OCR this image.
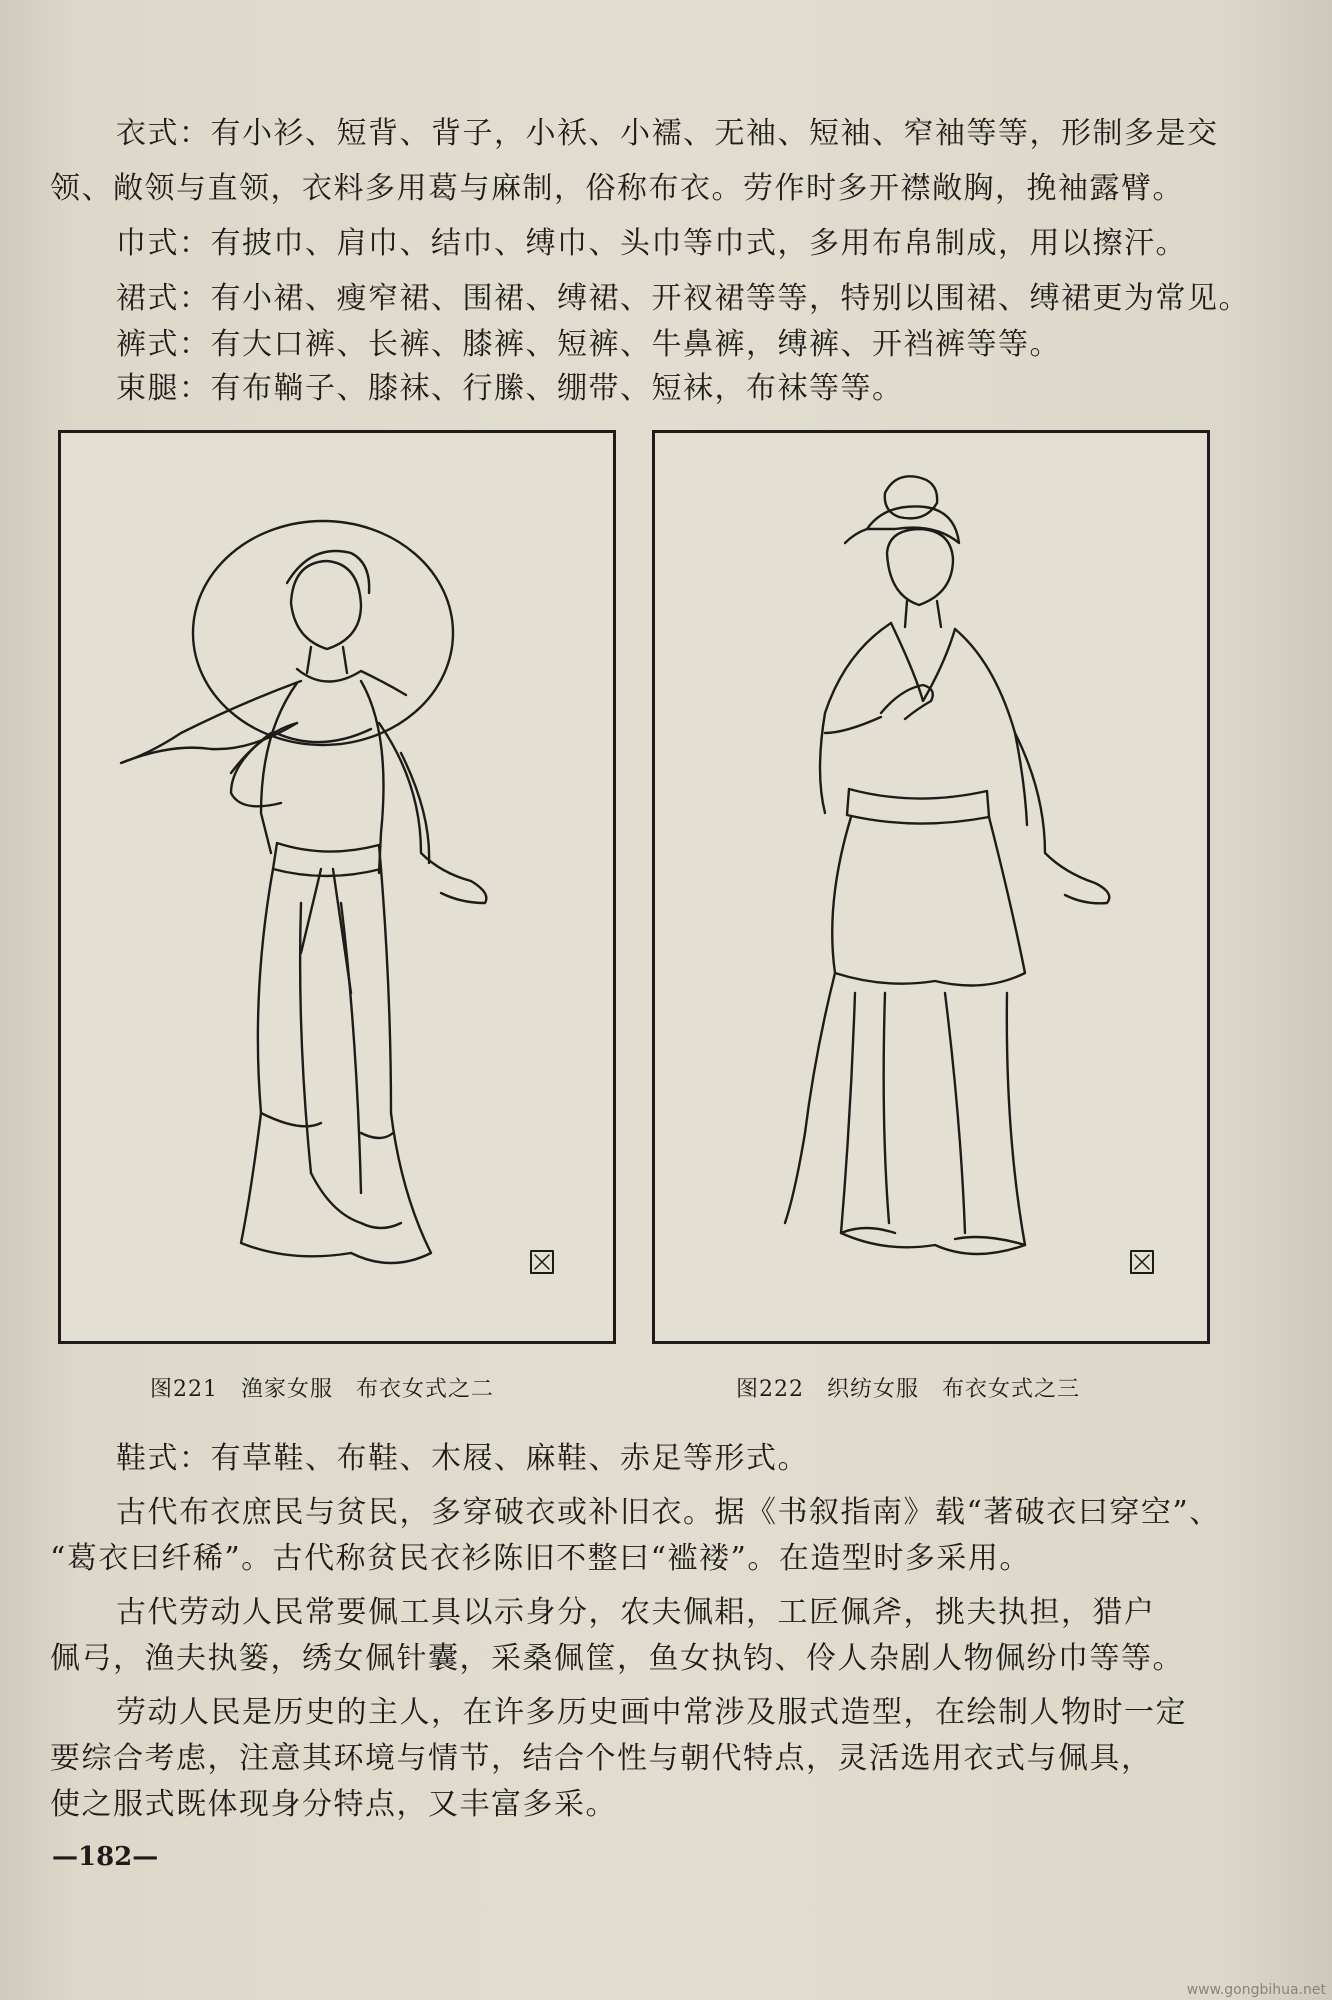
衣式：有小衫、短背、背子，小袄、小襦、无袖、短袖、窄袖等等，形制多是交
领、敞领与直领，衣料多用葛与麻制，俗称布衣。劳作时多开襟敞胸，挽袖露臂。
巾式：有披巾、肩巾、结巾、缚巾、头巾等巾式，多用布帛制成，用以擦汗。
裙式：有小裙、瘦窄裙、围裙、缚裙、开衩裙等等，特别以围裙、缚裙更为常见。
裤式：有大口裤、长裤、膝裤、短裤、牛鼻裤，缚裤、开裆裤等等。
束腿：有布鞝子、膝袜、行縢、绷带、短袜，布袜等等。
图221　渔家女服　布衣女式之二	图222　织纺女服　布衣女式之三
鞋式：有草鞋、布鞋、木屐、麻鞋、赤足等形式。
古代布衣庶民与贫民，多穿破衣或补旧衣。据《书叙指南》载“著破衣曰穿空”、
“葛衣曰纤稀”。古代称贫民衣衫陈旧不整曰“褴褛”。在造型时多采用。
古代劳动人民常要佩工具以示身分，农夫佩耜，工匠佩斧，挑夫执担，猎户
佩弓，渔夫执篓，绣女佩针囊，采桑佩筐，鱼女执钧、伶人杂剧人物佩纷巾等等。
劳动人民是历史的主人，在许多历史画中常涉及服式造型，在绘制人物时一定
要综合考虑，注意其环境与情节，结合个性与朝代特点，灵活选用衣式与佩具，
使之服式既体现身分特点，又丰富多采。
—182—
www.gongbihua.net
